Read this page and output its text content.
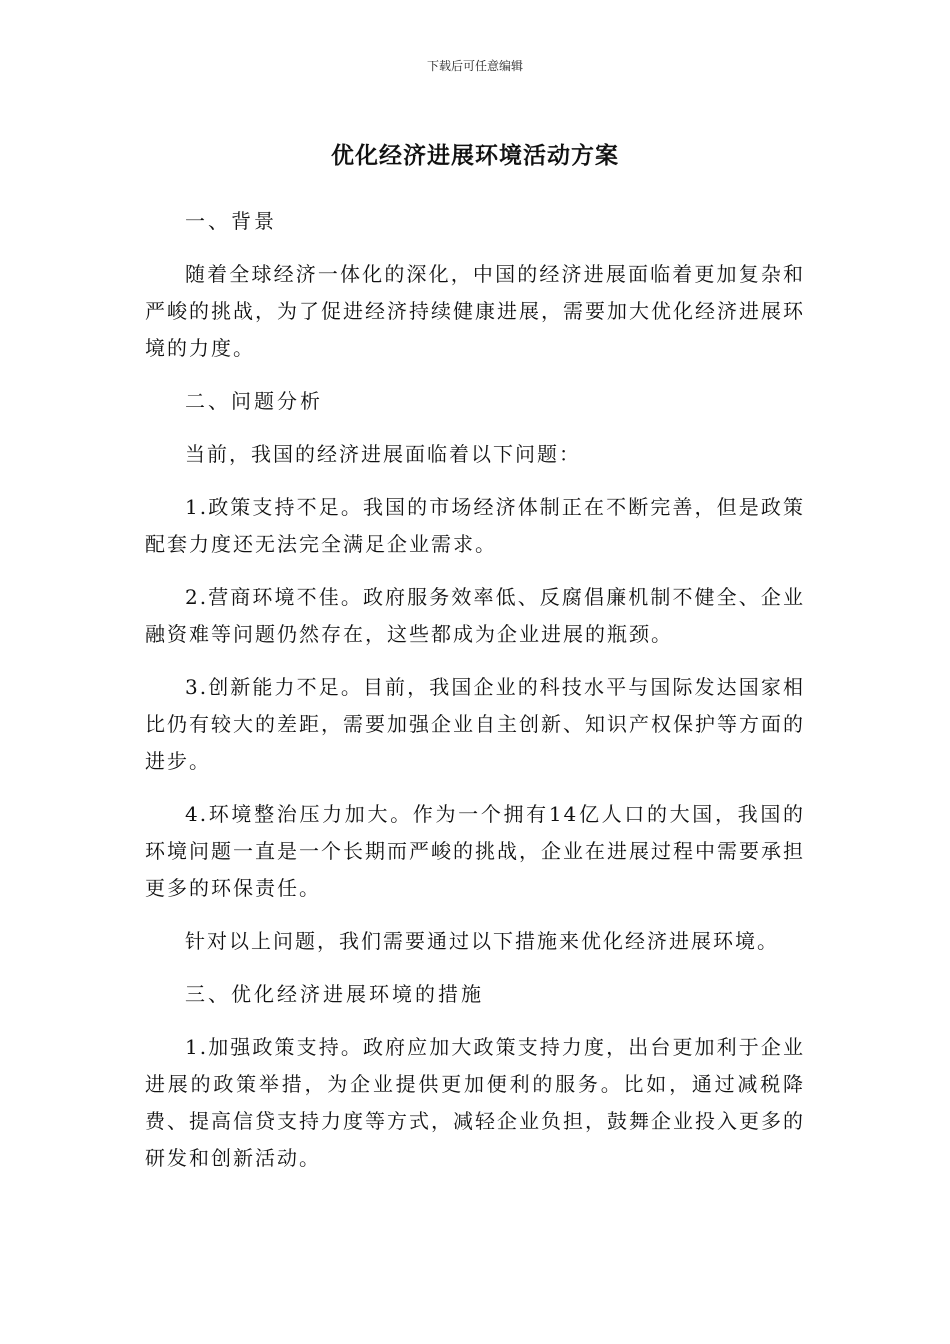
下载后可任意编辑
优化经济进展环境活动方案

一、背景

随着全球经济一体化的深化，中国的经济进展面临着更加复杂和严峻的挑战，为了促进经济持续健康进展，需要加大优化经济进展环境的力度。

二、问题分析

当前，我国的经济进展面临着以下问题：

1.政策支持不足。我国的市场经济体制正在不断完善，但是政策配套力度还无法完全满足企业需求。

2.营商环境不佳。政府服务效率低、反腐倡廉机制不健全、企业融资难等问题仍然存在，这些都成为企业进展的瓶颈。

3.创新能力不足。目前，我国企业的科技水平与国际发达国家相比仍有较大的差距，需要加强企业自主创新、知识产权保护等方面的进步。

4.环境整治压力加大。作为一个拥有14亿人口的大国，我国的环境问题一直是一个长期而严峻的挑战，企业在进展过程中需要承担更多的环保责任。

针对以上问题，我们需要通过以下措施来优化经济进展环境。

三、优化经济进展环境的措施

1.加强政策支持。政府应加大政策支持力度，出台更加利于企业进展的政策举措，为企业提供更加便利的服务。比如，通过减税降费、提高信贷支持力度等方式，减轻企业负担，鼓舞企业投入更多的研发和创新活动。
